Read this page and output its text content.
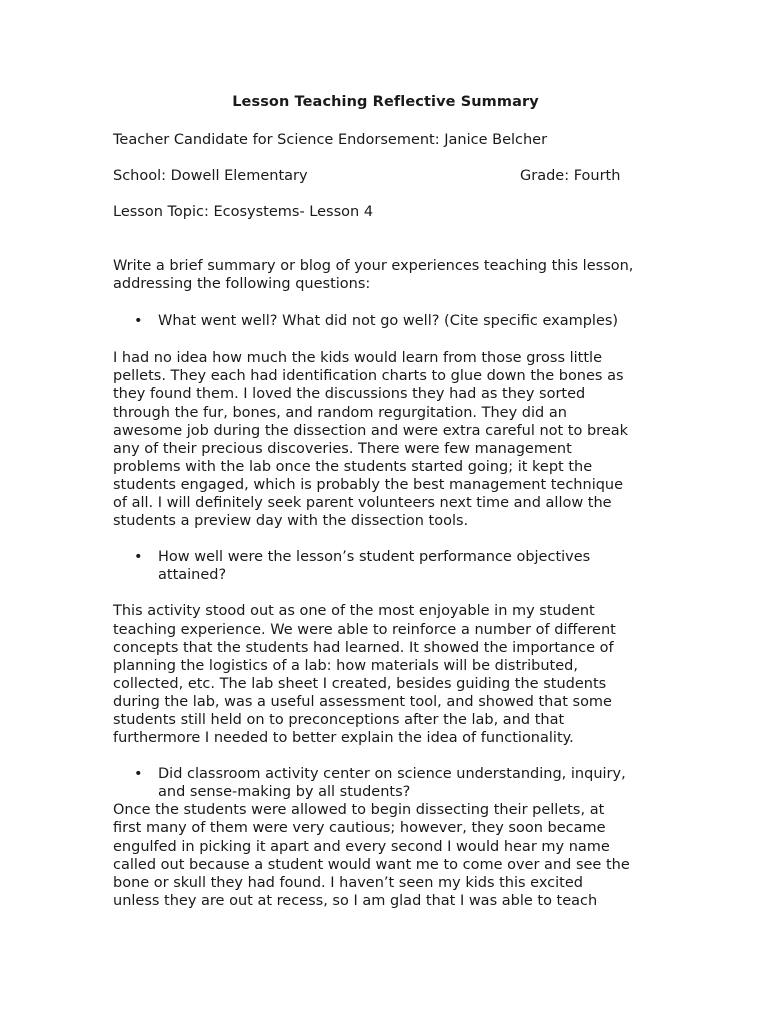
Lesson Teaching Reflective Summary
Teacher Candidate for Science Endorsement: Janice Belcher
School: Dowell Elementary	Grade: Fourth
Lesson Topic: Ecosystems- Lesson 4
Write a brief summary or blog of your experiences teaching this lesson,
addressing the following questions:
• What went well? What did not go well? (Cite specific examples)
I had no idea how much the kids would learn from those gross little
pellets. They each had identification charts to glue down the bones as
they found them. I loved the discussions they had as they sorted
through the fur, bones, and random regurgitation. They did an
awesome job during the dissection and were extra careful not to break
any of their precious discoveries. There were few management
problems with the lab once the students started going; it kept the
students engaged, which is probably the best management technique
of all. I will definitely seek parent volunteers next time and allow the
students a preview day with the dissection tools.
• How well were the lesson’s student performance objectives
attained?
This activity stood out as one of the most enjoyable in my student
teaching experience. We were able to reinforce a number of different
concepts that the students had learned. It showed the importance of
planning the logistics of a lab: how materials will be distributed,
collected, etc. The lab sheet I created, besides guiding the students
during the lab, was a useful assessment tool, and showed that some
students still held on to preconceptions after the lab, and that
furthermore I needed to better explain the idea of functionality.
• Did classroom activity center on science understanding, inquiry,
and sense-making by all students?
Once the students were allowed to begin dissecting their pellets, at
first many of them were very cautious; however, they soon became
engulfed in picking it apart and every second I would hear my name
called out because a student would want me to come over and see the
bone or skull they had found. I haven’t seen my kids this excited
unless they are out at recess, so I am glad that I was able to teach
